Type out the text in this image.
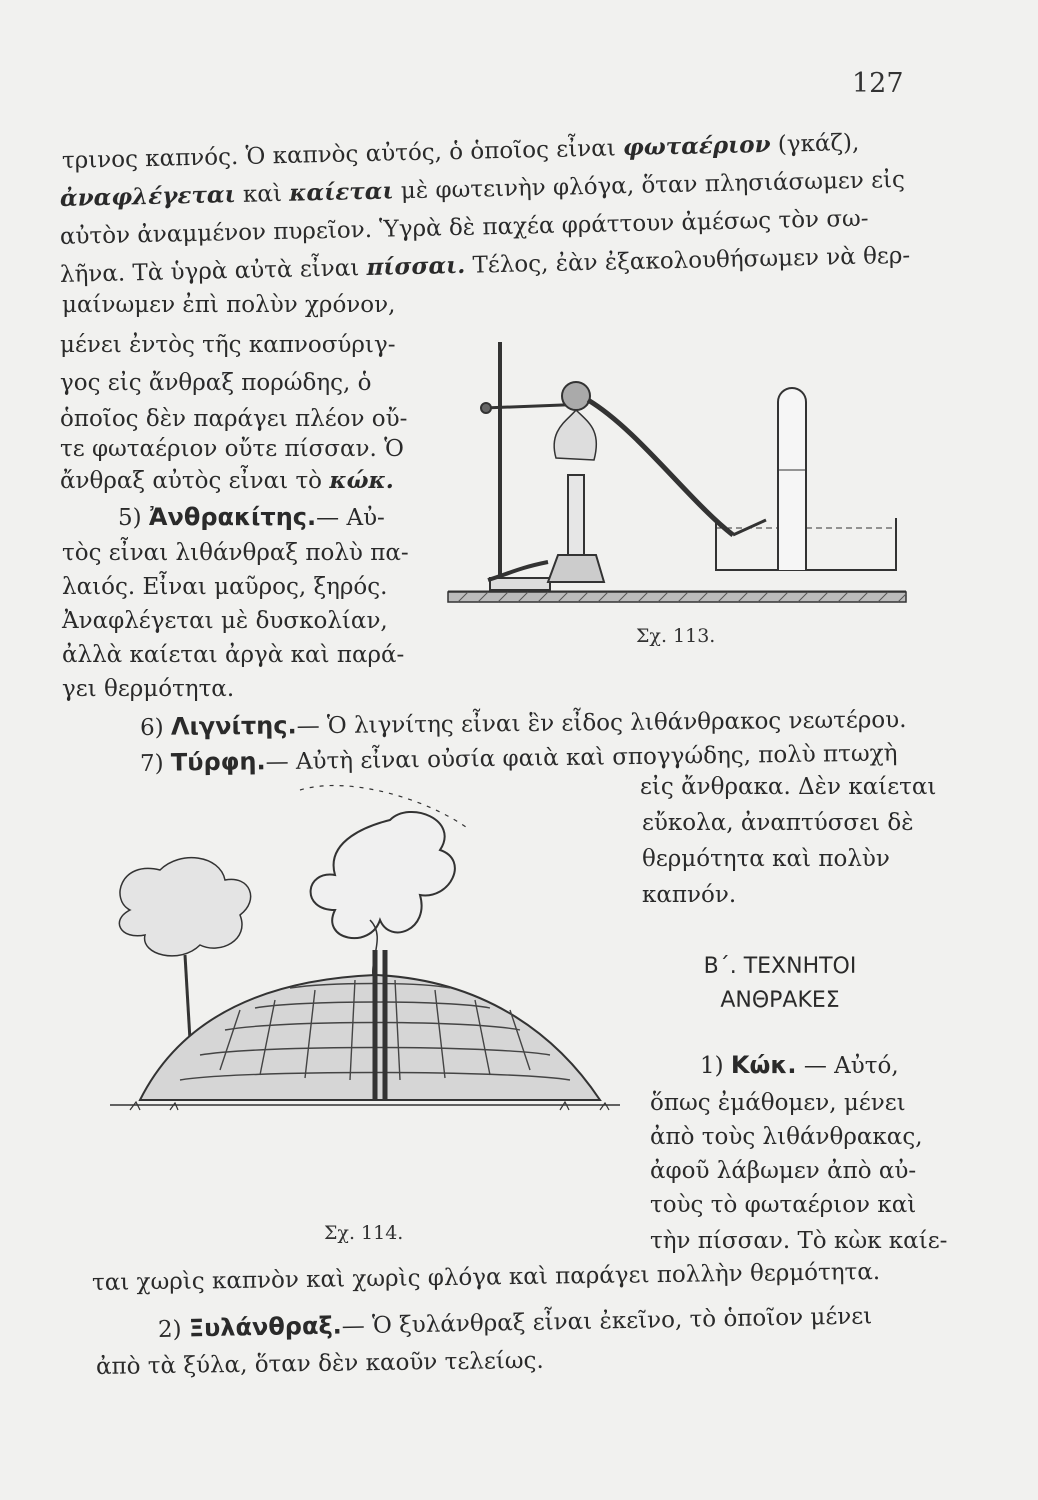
127
τρινος καπνός. Ὁ καπνὸς αὐτός, ὁ ὁποῖος εἶναι φωταέριον (γκάζ),
ἀναφλέγεται καὶ καίεται μὲ φωτεινὴν φλόγα, ὅταν πλησιάσωμεν εἰς
αὐτὸν ἀναμμένον πυρεῖον. Ὑγρὰ δὲ παχέα φράττουν ἀμέσως τὸν σω-
λῆνα. Τὰ ὑγρὰ αὐτὰ εἶναι πίσσαι. Τέλος, ἐὰν ἐξακολουθήσωμεν νὰ θερ-
μαίνωμεν ἐπὶ πολὺν χρόνον,
μένει ἐντὸς τῆς καπνοσύριγ-
γος εἰς ἄνθραξ πορώδης, ὁ
ὁποῖος δὲν παράγει πλέον οὔ-
τε φωταέριον οὔτε πίσσαν. Ὁ
ἄνθραξ αὐτὸς εἶναι τὸ κώκ.
5) Ἀνθρακίτης.— Αὐ-
τὸς εἶναι λιθάνθραξ πολὺ πα-
λαιός. Εἶναι μαῦρος, ξηρός.
Ἀναφλέγεται μὲ δυσκολίαν,
ἀλλὰ καίεται ἀργὰ καὶ παρά-
γει θερμότητα.
Σχ. 113.
6) Λιγνίτης.— Ὁ λιγνίτης εἶναι ἓν εἶδος λιθάνθρακος νεωτέρου.
7) Τύρφη.— Αὐτὴ εἶναι οὐσία φαιὰ καὶ σπογγώδης, πολὺ πτωχὴ
εἰς ἄνθρακα. Δὲν καίεται
εὔκολα, ἀναπτύσσει δὲ
θερμότητα καὶ πολὺν
καπνόν.
Β΄. ΤΕΧΝΗΤΟΙ
ΑΝΘΡΑΚΕΣ
1) Κώκ. — Αὐτό,
ὅπως ἐμάθομεν, μένει
ἀπὸ τοὺς λιθάνθρακας,
ἀφοῦ λάβωμεν ἀπὸ αὐ-
τοὺς τὸ φωταέριον καὶ
τὴν πίσσαν. Τὸ κὼκ καίε-
Σχ. 114.
ται χωρὶς καπνὸν καὶ χωρὶς φλόγα καὶ παράγει πολλὴν θερμότητα.
2) Ξυλάνθραξ.— Ὁ ξυλάνθραξ εἶναι ἐκεῖνο, τὸ ὁποῖον μένει
ἀπὸ τὰ ξύλα, ὅταν δὲν καοῦν τελείως.
